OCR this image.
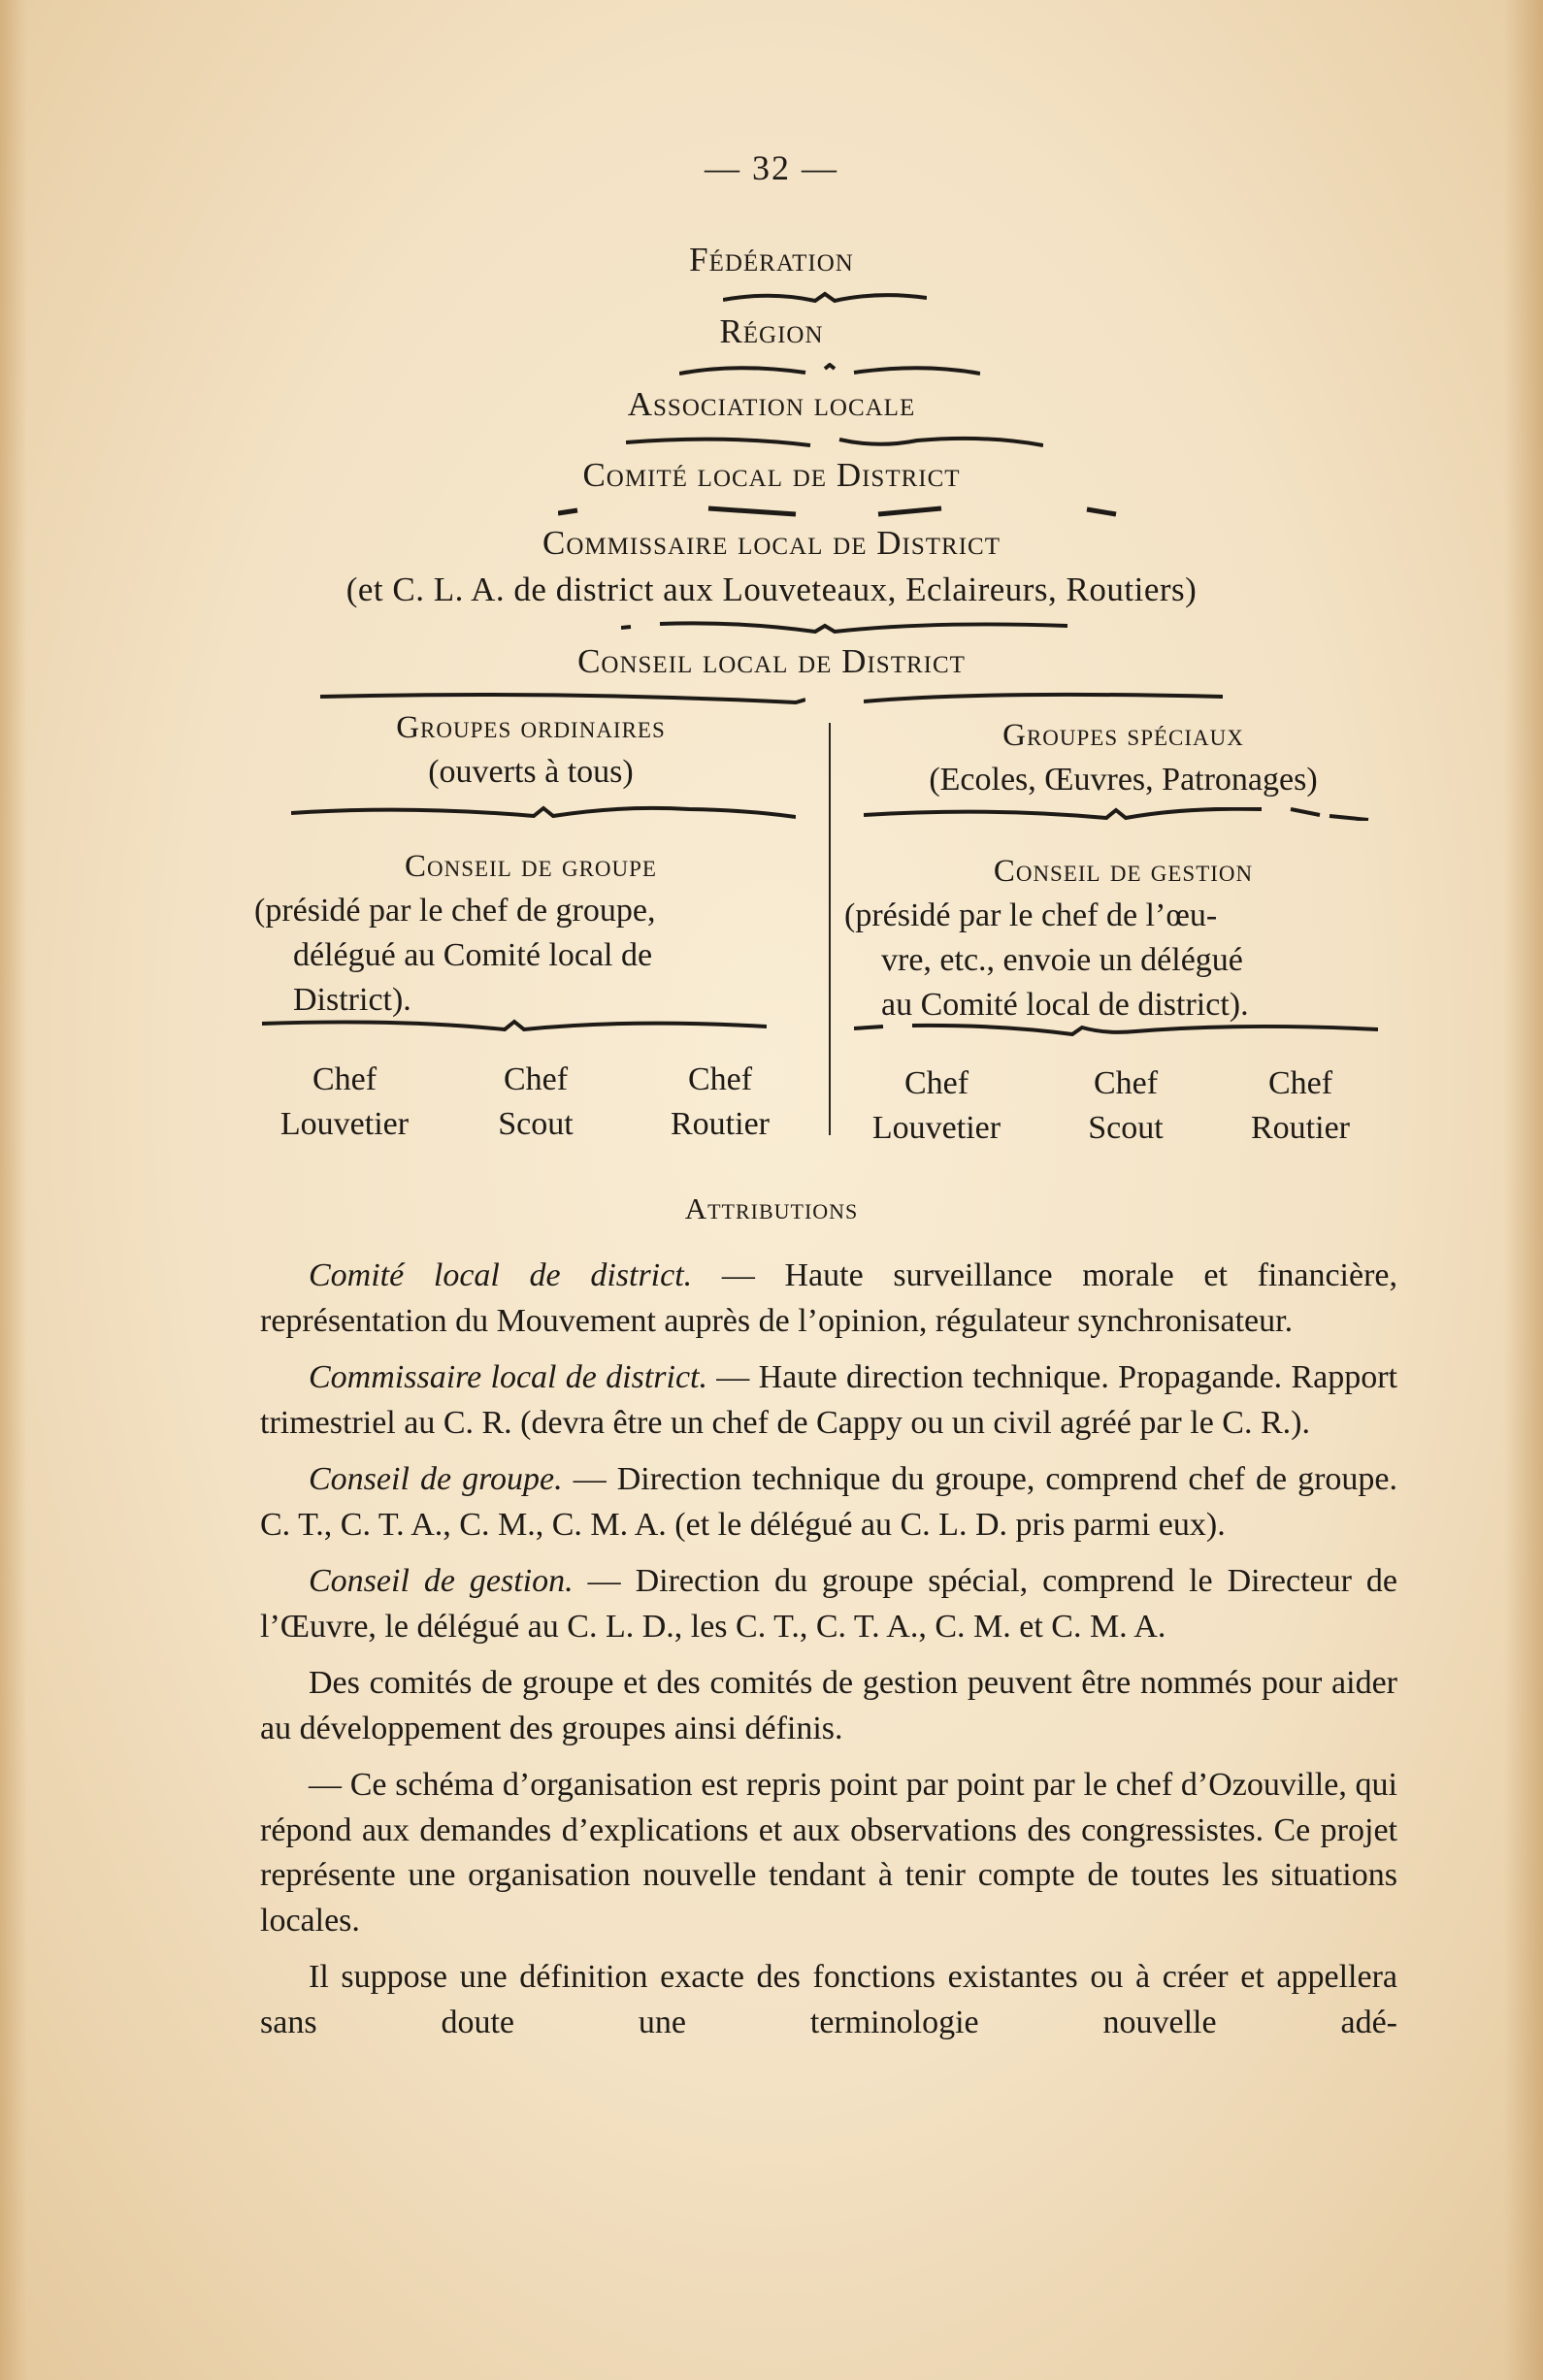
— 32 —
Fédération
Région
Association locale
Comité local de District
Commissaire local de District
(et C. L. A. de district aux Louveteaux, Eclaireurs, Routiers)
Conseil local de District
Groupes ordinaires
(ouverts à tous)
Conseil de groupe
(présidé par le chef de groupe,
délégué au Comité local de
District).
Chef
Louvetier
Chef
Scout
Chef
Routier
Groupes spéciaux
(Ecoles, Œuvres, Patronages)
Conseil de gestion
(présidé par le chef de l’œu-
vre, etc., envoie un délégué
au Comité local de district).
Chef
Louvetier
Chef
Scout
Chef
Routier
Attributions

Comité local de district. — Haute surveillance morale et financière, représentation du Mouvement auprès de l’opinion, régulateur synchronisateur.

Commissaire local de district. — Haute direction technique. Propagande. Rapport trimestriel au C. R. (devra être un chef de Cappy ou un civil agréé par le C. R.).

Conseil de groupe. — Direction technique du groupe, comprend chef de groupe. C. T., C. T. A., C. M., C. M. A. (et le délégué au C. L. D. pris parmi eux).

Conseil de gestion. — Direction du groupe spécial, comprend le Directeur de l’Œuvre, le délégué au C. L. D., les C. T., C. T. A., C. M. et C. M. A.

Des comités de groupe et des comités de gestion peuvent être nommés pour aider au développement des groupes ainsi définis.

— Ce schéma d’organisation est repris point par point par le chef d’Ozouville, qui répond aux demandes d’explications et aux observations des congressistes. Ce projet représente une organisation nouvelle tendant à tenir compte de toutes les situations locales.

Il suppose une définition exacte des fonctions existantes ou à créer et appellera sans doute une terminologie nouvelle adé-
